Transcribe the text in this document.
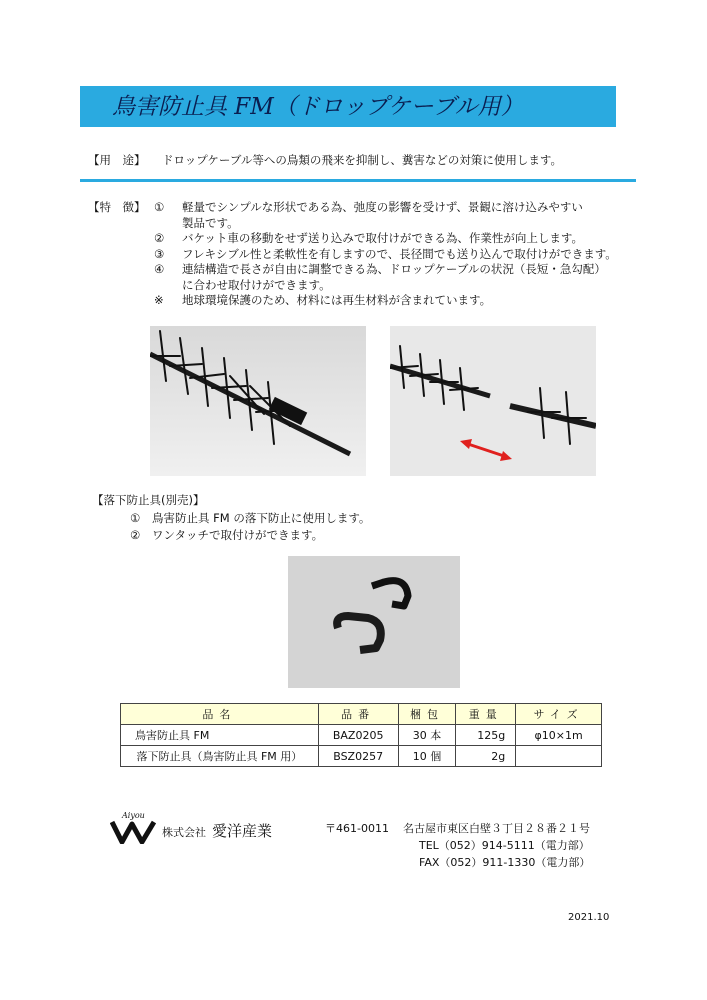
鳥害防止具 FM（ドロップケーブル用）
【用　途】 ドロップケーブル等への鳥類の飛来を抑制し、糞害などの対策に使用します。
【特　徴】 ① 軽量でシンプルな形状である為、弛度の影響を受けず、景観に溶け込みやすい
製品です。
② バケット車の移動をせず送り込みで取付けができる為、作業性が向上します。
③ フレキシブル性と柔軟性を有しますので、長径間でも送り込んで取付けができます。
④ 連結構造で長さが自由に調整できる為、ドロップケーブルの状況（長短・急勾配）
に合わせ取付けができます。
※ 地球環境保護のため、材料には再生材料が含まれています。
【落下防止具(別売)】
① 鳥害防止具 FM の落下防止に使用します。
② ワンタッチで取付けができます。
品名	品番	梱包	重量	サイズ
鳥害防止具 FM	BAZ0205	30 本	125g	φ10×1m
落下防止具（鳥害防止具 FM 用）	BSZ0257	10 個	2g	
Aiyou
株式会社 愛洋産業	〒461-0011 名古屋市東区白壁３丁目２８番２１号
TEL（052）914-5111（電力部）
FAX（052）911-1330（電力部）
2021.10
